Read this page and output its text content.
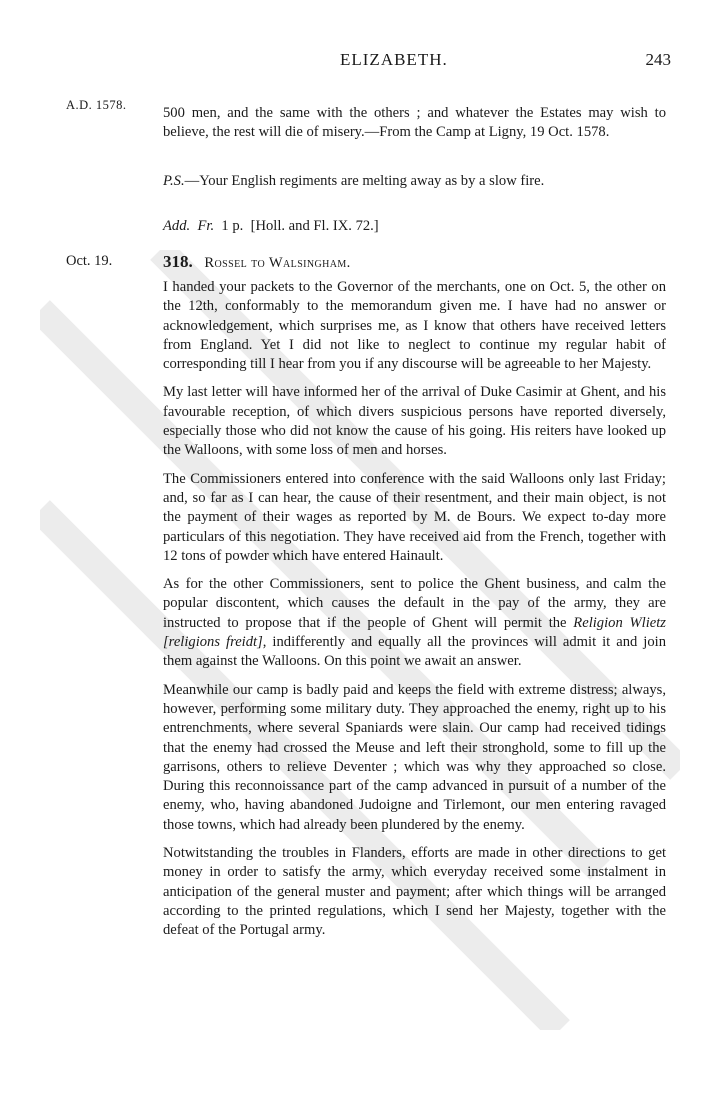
ELIZABETH.	243
A.D. 1578. 500 men, and the same with the others ; and whatever the Estates may wish to believe, the rest will die of misery.—From the Camp at Ligny, 19 Oct. 1578.

P.S.—Your English regiments are melting away as by a slow fire.

Add. Fr. 1 p. [Holl. and Fl. IX. 72.]

Oct. 19.	318. Rossel to Walsingham.

I handed your packets to the Governor of the merchants, one on Oct. 5, the other on the 12th, conformably to the memorandum given me. I have had no answer or acknowledgement, which surprises me, as I know that others have received letters from England. Yet I did not like to neglect to continue my regular habit of corresponding till I hear from you if any discourse will be agreeable to her Majesty.

My last letter will have informed her of the arrival of Duke Casimir at Ghent, and his favourable reception, of which divers suspicious persons have reported diversely, especially those who did not know the cause of his going. His reiters have looked up the Walloons, with some loss of men and horses.

The Commissioners entered into conference with the said Walloons only last Friday; and, so far as I can hear, the cause of their resentment, and their main object, is not the payment of their wages as reported by M. de Bours. We expect to-day more particulars of this negotiation. They have received aid from the French, together with 12 tons of powder which have entered Hainault.

As for the other Commissioners, sent to police the Ghent business, and calm the popular discontent, which causes the default in the pay of the army, they are instructed to propose that if the people of Ghent will permit the Religion Wlietz [religions freidt], indifferently and equally all the provinces will admit it and join them against the Walloons. On this point we await an answer.

Meanwhile our camp is badly paid and keeps the field with extreme distress; always, however, performing some military duty. They approached the enemy, right up to his entrenchments, where several Spaniards were slain. Our camp had received tidings that the enemy had crossed the Meuse and left their stronghold, some to fill up the garrisons, others to relieve Deventer ; which was why they approached so close. During this reconnoissance part of the camp advanced in pursuit of a number of the enemy, who, having abandoned Judoigne and Tirlemont, our men entering ravaged those towns, which had already been plundered by the enemy.

Notwitstanding the troubles in Flanders, efforts are made in other directions to get money in order to satisfy the army, which everyday received some instalment in anticipation of the general muster and payment; after which things will be arranged according to the printed regulations, which I send her Majesty, together with the defeat of the Portugal army.
